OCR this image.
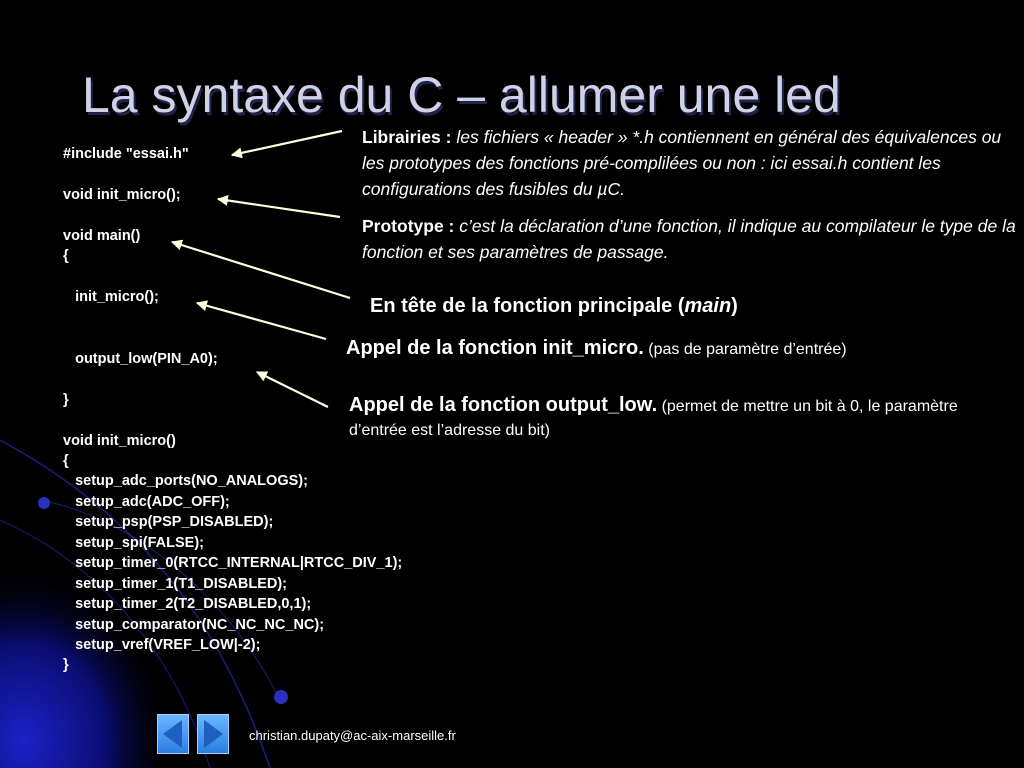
La syntaxe du C – allumer une led

#include "essai.h"

void init_micro();

void main()

{

init_micro();

output_low(PIN_A0);

}

void init_micro()

{

setup_adc_ports(NO_ANALOGS);

setup_adc(ADC_OFF);

setup_psp(PSP_DISABLED);

setup_spi(FALSE);

setup_timer_0(RTCC_INTERNAL|RTCC_DIV_1);

setup_timer_1(T1_DISABLED);

setup_timer_2(T2_DISABLED,0,1);

setup_comparator(NC_NC_NC_NC);

setup_vref(VREF_LOW|-2);

}

Librairies : les fichiers « header » *.h contiennent en général des équivalences ou les prototypes des fonctions pré-complilées ou non : ici essai.h contient les configurations des fusibles du µC.

Prototype : c’est la déclaration d’une fonction, il indique au compilateur le type de la fonction et ses paramètres de passage.

En tête de la fonction principale (main)

Appel de la fonction init_micro. (pas de paramètre d’entrée)

Appel de la fonction output_low. (permet de mettre un bit à 0, le paramètre d’entrée est l’adresse du bit)

christian.dupaty@ac-aix-marseille.fr
